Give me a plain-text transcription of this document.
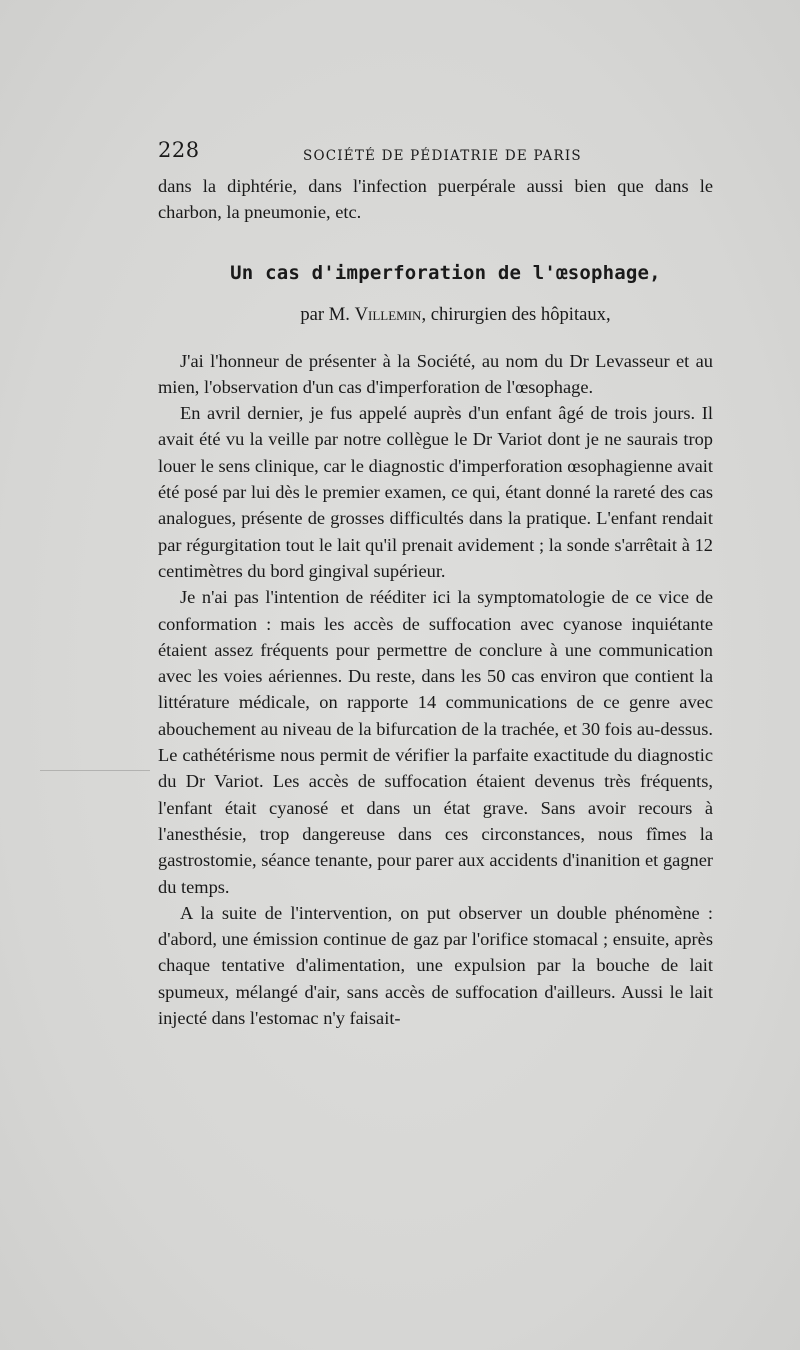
228	SOCIÉTÉ DE PÉDIATRIE DE PARIS

dans la diphtérie, dans l'infection puerpérale aussi bien que dans le charbon, la pneumonie, etc.

Un cas d'imperforation de l'œsophage,

par M. Villemin, chirurgien des hôpitaux,

J'ai l'honneur de présenter à la Société, au nom du Dr Levasseur et au mien, l'observation d'un cas d'imperforation de l'œsophage.

En avril dernier, je fus appelé auprès d'un enfant âgé de trois jours. Il avait été vu la veille par notre collègue le Dr Variot dont je ne saurais trop louer le sens clinique, car le diagnostic d'imperforation œsophagienne avait été posé par lui dès le premier examen, ce qui, étant donné la rareté des cas analogues, présente de grosses difficultés dans la pratique. L'enfant rendait par régurgitation tout le lait qu'il prenait avidement ; la sonde s'arrêtait à 12 centimètres du bord gingival supérieur.

Je n'ai pas l'intention de rééditer ici la symptomatologie de ce vice de conformation : mais les accès de suffocation avec cyanose inquiétante étaient assez fréquents pour permettre de conclure à une communication avec les voies aériennes. Du reste, dans les 50 cas environ que contient la littérature médicale, on rapporte 14 communications de ce genre avec abouchement au niveau de la bifurcation de la trachée, et 30 fois au-dessus. Le cathétérisme nous permit de vérifier la parfaite exactitude du diagnostic du Dr Variot. Les accès de suffocation étaient devenus très fréquents, l'enfant était cyanosé et dans un état grave. Sans avoir recours à l'anesthésie, trop dangereuse dans ces circonstances, nous fîmes la gastrostomie, séance tenante, pour parer aux accidents d'inanition et gagner du temps.

A la suite de l'intervention, on put observer un double phénomène : d'abord, une émission continue de gaz par l'orifice stomacal ; ensuite, après chaque tentative d'alimentation, une expulsion par la bouche de lait spumeux, mélangé d'air, sans accès de suffocation d'ailleurs. Aussi le lait injecté dans l'estomac n'y faisait-
